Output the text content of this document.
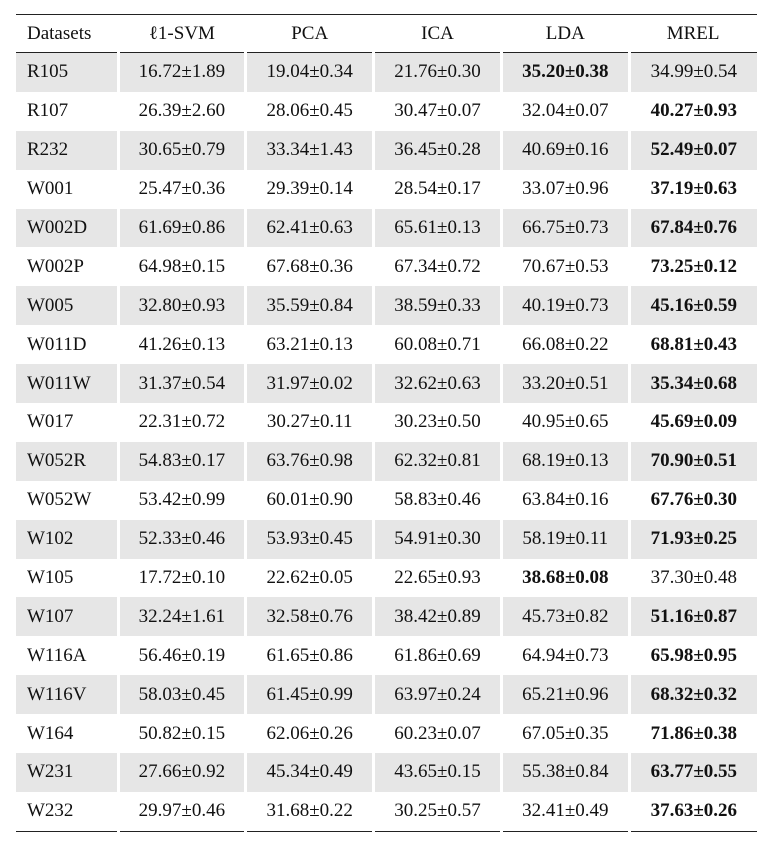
Datasets	ℓ1-SVM	PCA	ICA	LDA	MREL
R105	16.72±1.89	19.04±0.34	21.76±0.30	35.20±0.38	34.99±0.54
R107	26.39±2.60	28.06±0.45	30.47±0.07	32.04±0.07	40.27±0.93
R232	30.65±0.79	33.34±1.43	36.45±0.28	40.69±0.16	52.49±0.07
W001	25.47±0.36	29.39±0.14	28.54±0.17	33.07±0.96	37.19±0.63
W002D	61.69±0.86	62.41±0.63	65.61±0.13	66.75±0.73	67.84±0.76
W002P	64.98±0.15	67.68±0.36	67.34±0.72	70.67±0.53	73.25±0.12
W005	32.80±0.93	35.59±0.84	38.59±0.33	40.19±0.73	45.16±0.59
W011D	41.26±0.13	63.21±0.13	60.08±0.71	66.08±0.22	68.81±0.43
W011W	31.37±0.54	31.97±0.02	32.62±0.63	33.20±0.51	35.34±0.68
W017	22.31±0.72	30.27±0.11	30.23±0.50	40.95±0.65	45.69±0.09
W052R	54.83±0.17	63.76±0.98	62.32±0.81	68.19±0.13	70.90±0.51
W052W	53.42±0.99	60.01±0.90	58.83±0.46	63.84±0.16	67.76±0.30
W102	52.33±0.46	53.93±0.45	54.91±0.30	58.19±0.11	71.93±0.25
W105	17.72±0.10	22.62±0.05	22.65±0.93	38.68±0.08	37.30±0.48
W107	32.24±1.61	32.58±0.76	38.42±0.89	45.73±0.82	51.16±0.87
W116A	56.46±0.19	61.65±0.86	61.86±0.69	64.94±0.73	65.98±0.95
W116V	58.03±0.45	61.45±0.99	63.97±0.24	65.21±0.96	68.32±0.32
W164	50.82±0.15	62.06±0.26	60.23±0.07	67.05±0.35	71.86±0.38
W231	27.66±0.92	45.34±0.49	43.65±0.15	55.38±0.84	63.77±0.55
W232	29.97±0.46	31.68±0.22	30.25±0.57	32.41±0.49	37.63±0.26
